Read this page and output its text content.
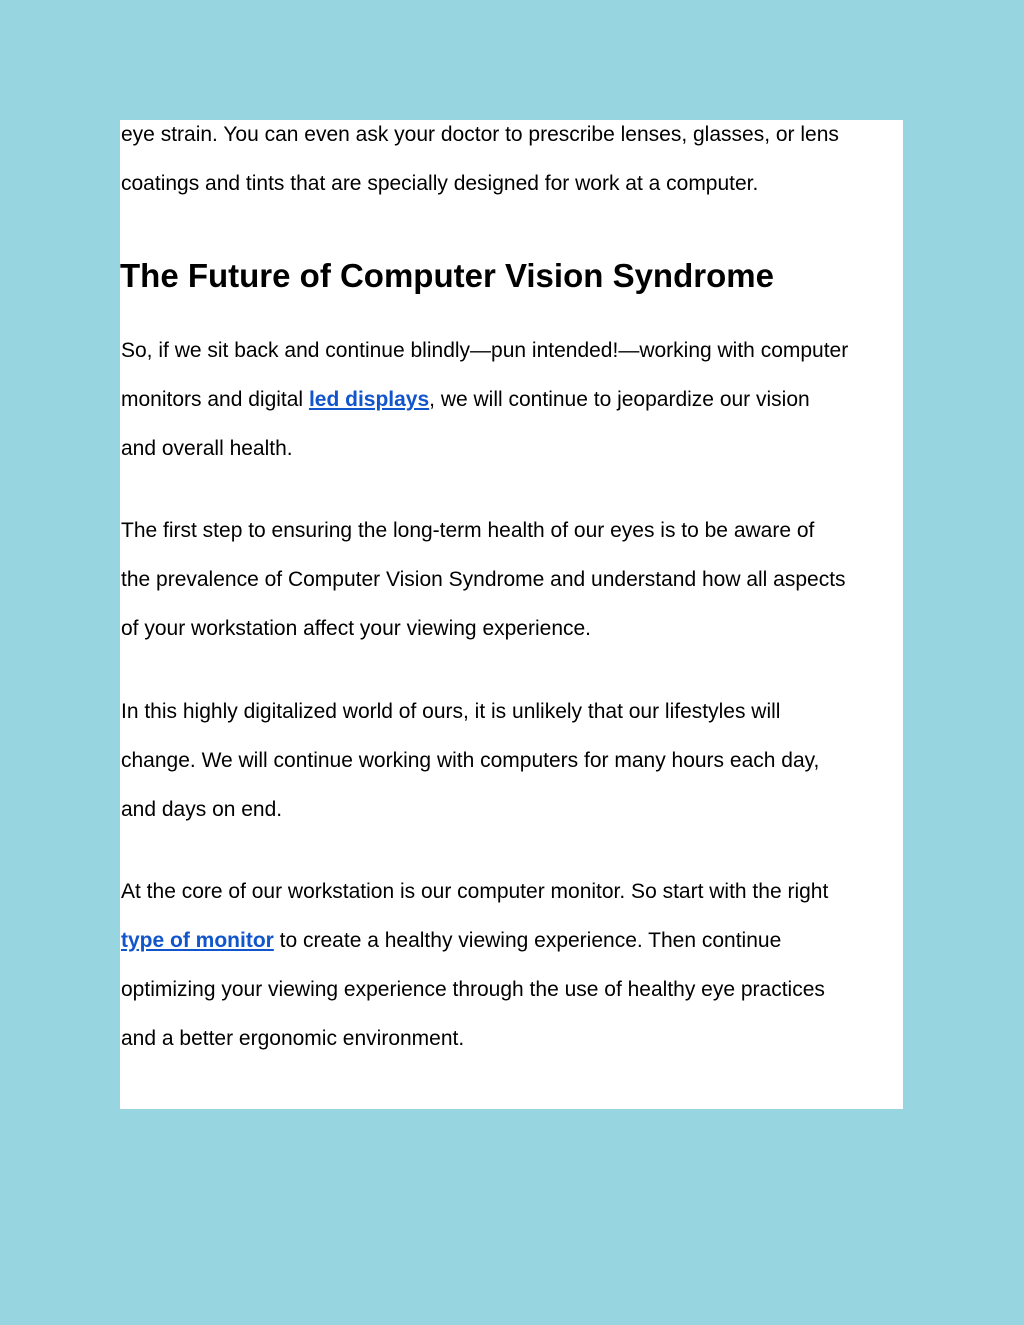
eye strain. You can even ask your doctor to prescribe lenses, glasses, or lens
coatings and tints that are specially designed for work at a computer.
The Future of Computer Vision Syndrome
So, if we sit back and continue blindly—pun intended!—working with computer
monitors and digital led displays, we will continue to jeopardize our vision
and overall health.
The first step to ensuring the long-term health of our eyes is to be aware of
the prevalence of Computer Vision Syndrome and understand how all aspects
of your workstation affect your viewing experience.
In this highly digitalized world of ours, it is unlikely that our lifestyles will
change. We will continue working with computers for many hours each day,
and days on end.
At the core of our workstation is our computer monitor. So start with the right
type of monitor to create a healthy viewing experience. Then continue
optimizing your viewing experience through the use of healthy eye practices
and a better ergonomic environment.
